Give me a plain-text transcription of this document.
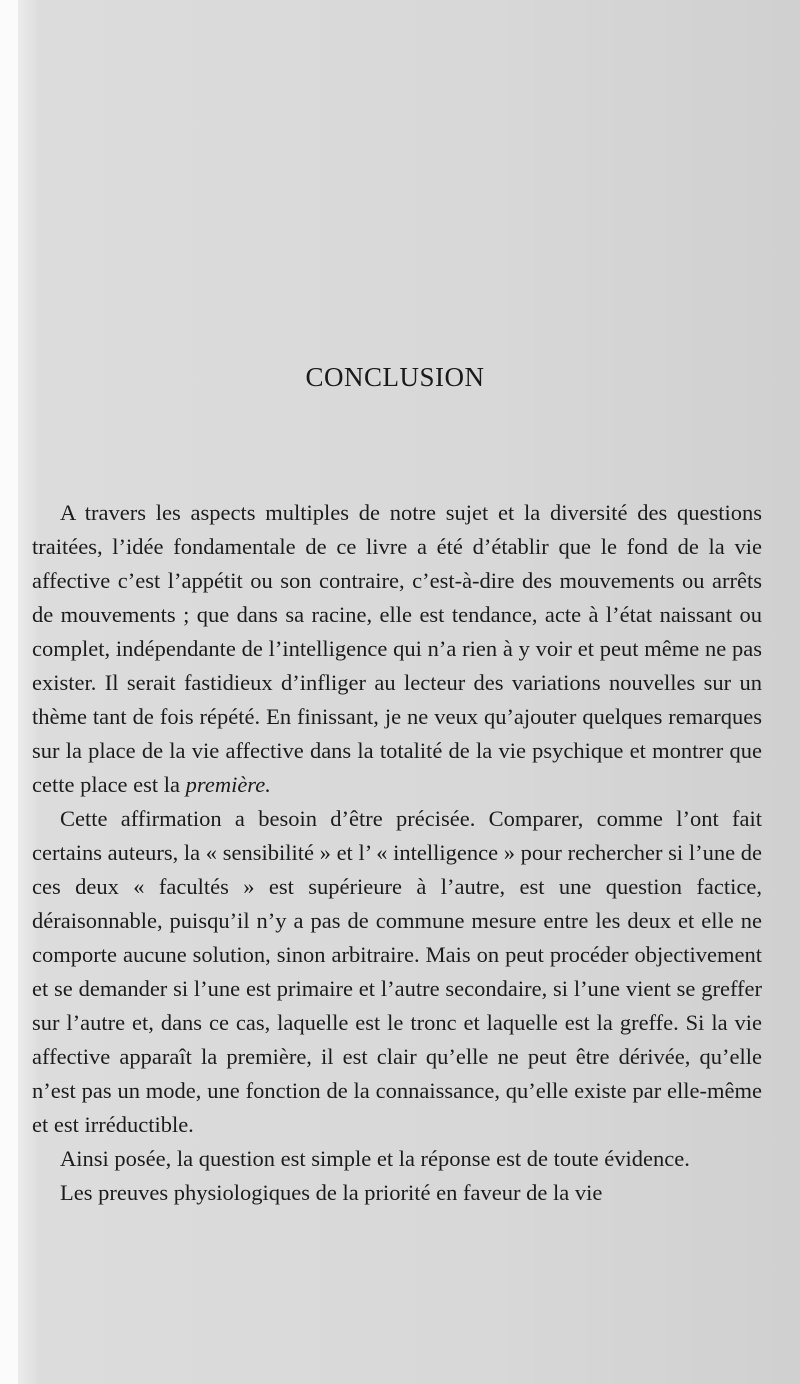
CONCLUSION

A travers les aspects multiples de notre sujet et la diversité des questions traitées, l’idée fondamentale de ce livre a été d’établir que le fond de la vie affective c’est l’appétit ou son contraire, c’est-à-dire des mouvements ou arrêts de mouvements ; que dans sa racine, elle est tendance, acte à l’état naissant ou complet, indépendante de l’intelligence qui n’a rien à y voir et peut même ne pas exister. Il serait fastidieux d’infliger au lecteur des variations nouvelles sur un thème tant de fois répété. En finissant, je ne veux qu’ajouter quelques remarques sur la place de la vie affective dans la totalité de la vie psychique et montrer que cette place est la première.

Cette affirmation a besoin d’être précisée. Comparer, comme l’ont fait certains auteurs, la « sensibilité » et l’ « intelligence » pour rechercher si l’une de ces deux « facultés » est supérieure à l’autre, est une question factice, déraisonnable, puisqu’il n’y a pas de commune mesure entre les deux et elle ne comporte aucune solution, sinon arbitraire. Mais on peut procéder objectivement et se demander si l’une est primaire et l’autre secondaire, si l’une vient se greffer sur l’autre et, dans ce cas, laquelle est le tronc et laquelle est la greffe. Si la vie affective apparaît la première, il est clair qu’elle ne peut être dérivée, qu’elle n’est pas un mode, une fonction de la connaissance, qu’elle existe par elle-même et est irréductible.

Ainsi posée, la question est simple et la réponse est de toute évidence.

Les preuves physiologiques de la priorité en faveur de la vie
